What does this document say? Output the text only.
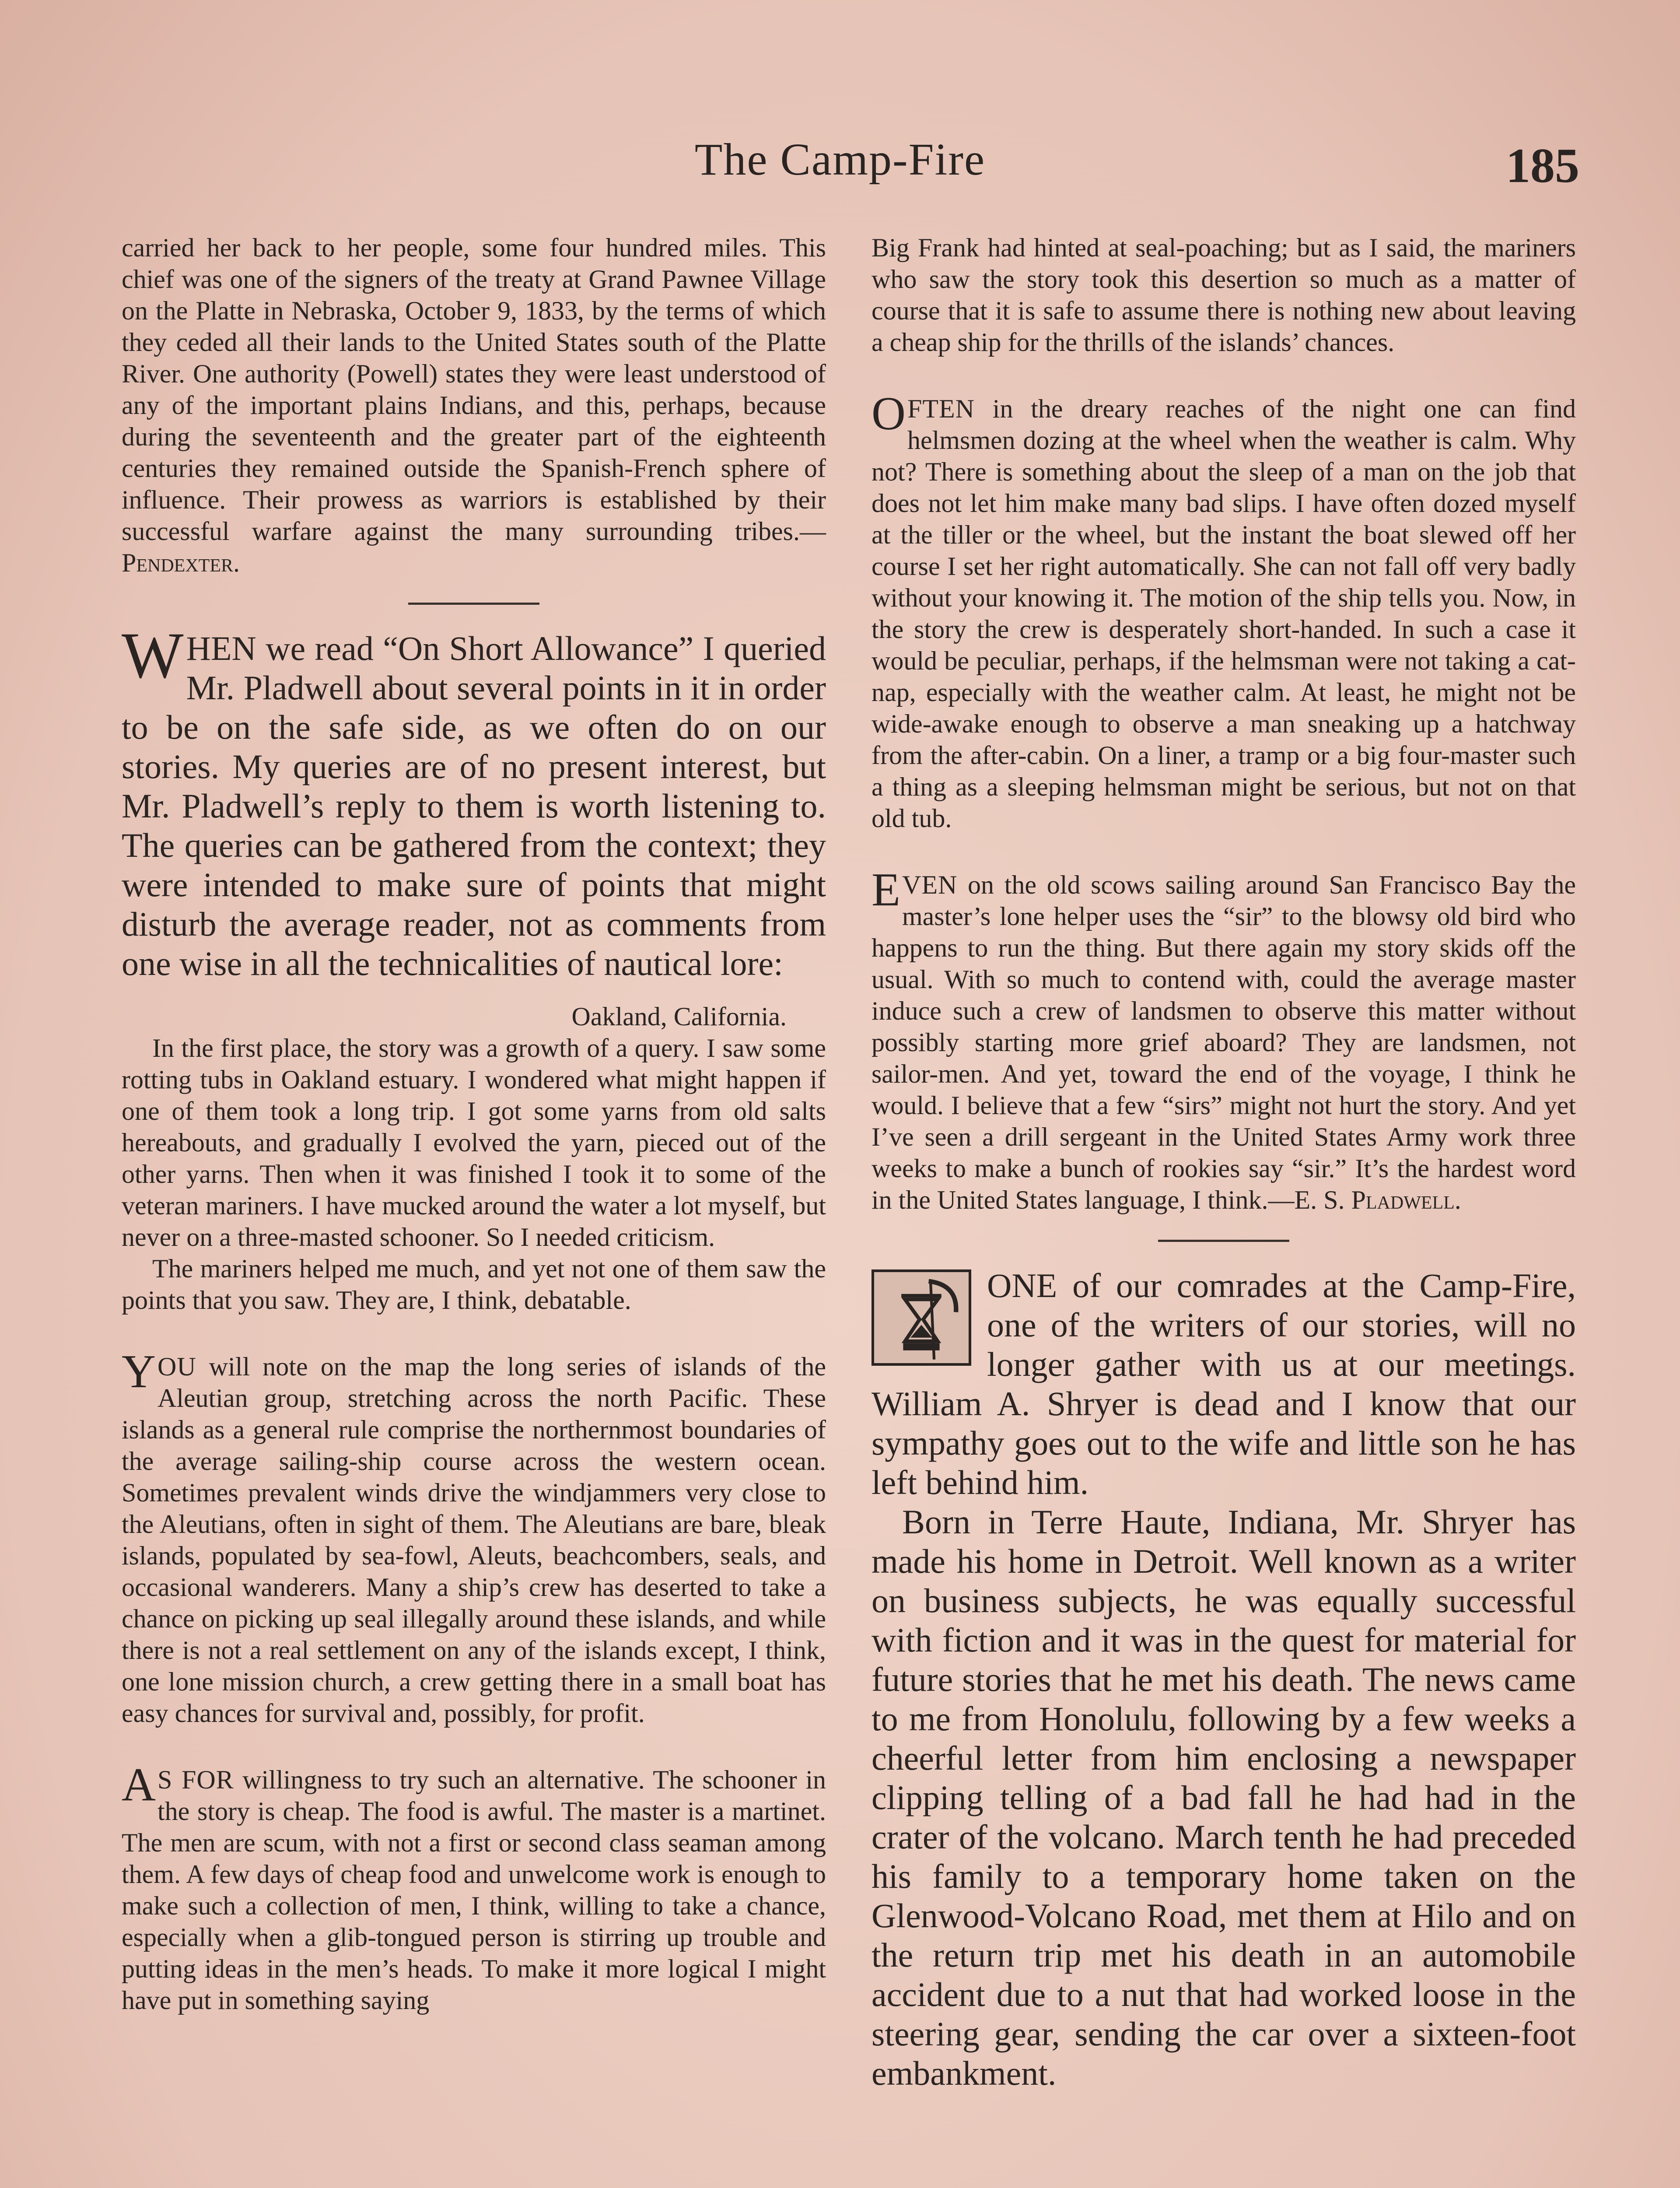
The Camp-Fire	185

carried her back to her people, some four hundred miles. This chief was one of the signers of the treaty at Grand Pawnee Village on the Platte in Nebraska, October 9, 1833, by the terms of which they ceded all their lands to the United States south of the Platte River. One authority (Powell) states they were least understood of any of the important plains Indians, and this, perhaps, because during the seventeenth and the greater part of the eighteenth centuries they remained outside the Spanish-French sphere of influence. Their prowess as warriors is established by their successful warfare against the many surrounding tribes.—Pendexter.

WHEN we read “On Short Allowance” I queried Mr. Pladwell about several points in it in order to be on the safe side, as we often do on our stories. My queries are of no present interest, but Mr. Pladwell’s reply to them is worth listening to. The queries can be gathered from the context; they were intended to make sure of points that might disturb the average reader, not as comments from one wise in all the technicalities of nautical lore:

Oakland, California.

In the first place, the story was a growth of a query. I saw some rotting tubs in Oakland estuary. I wondered what might happen if one of them took a long trip. I got some yarns from old salts hereabouts, and gradually I evolved the yarn, pieced out of the other yarns. Then when it was finished I took it to some of the veteran mariners. I have mucked around the water a lot myself, but never on a three-masted schooner. So I needed criticism.

The mariners helped me much, and yet not one of them saw the points that you saw. They are, I think, debatable.

YOU will note on the map the long series of islands of the Aleutian group, stretching across the north Pacific. These islands as a general rule comprise the northernmost boundaries of the average sailing-ship course across the western ocean. Sometimes prevalent winds drive the windjammers very close to the Aleutians, often in sight of them. The Aleutians are bare, bleak islands, populated by sea-fowl, Aleuts, beachcombers, seals, and occasional wanderers. Many a ship’s crew has deserted to take a chance on picking up seal illegally around these islands, and while there is not a real settlement on any of the islands except, I think, one lone mission church, a crew getting there in a small boat has easy chances for survival and, possibly, for profit.

A S FOR willingness to try such an alternative. The schooner in the story is cheap. The food is awful. The master is a martinet. The men are scum, with not a first or second class seaman among them. A few days of cheap food and unwelcome work is enough to make such a collection of men, I think, willing to take a chance, especially when a glib-tongued person is stirring up trouble and putting ideas in the men’s heads. To make it more logical I might have put in something saying

Big Frank had hinted at seal-poaching; but as I said, the mariners who saw the story took this desertion so much as a matter of course that it is safe to assume there is nothing new about leaving a cheap ship for the thrills of the islands’ chances.

OFTEN in the dreary reaches of the night one can find helmsmen dozing at the wheel when the weather is calm. Why not? There is something about the sleep of a man on the job that does not let him make many bad slips. I have often dozed myself at the tiller or the wheel, but the instant the boat slewed off her course I set her right automatically. She can not fall off very badly without your knowing it. The motion of the ship tells you. Now, in the story the crew is desperately short-handed. In such a case it would be peculiar, perhaps, if the helmsman were not taking a cat-nap, especially with the weather calm. At least, he might not be wide-awake enough to observe a man sneaking up a hatchway from the after-cabin. On a liner, a tramp or a big four-master such a thing as a sleeping helmsman might be serious, but not on that old tub.

EVEN on the old scows sailing around San Francisco Bay the master’s lone helper uses the “sir” to the blowsy old bird who happens to run the thing. But there again my story skids off the usual. With so much to contend with, could the average master induce such a crew of landsmen to observe this matter without possibly starting more grief aboard? They are landsmen, not sailor-men. And yet, toward the end of the voyage, I think he would. I believe that a few “sirs” might not hurt the story. And yet I’ve seen a drill sergeant in the United States Army work three weeks to make a bunch of rookies say “sir.” It’s the hardest word in the United States language, I think.—E. S. Pladwell.

ONE of our comrades at the Camp-Fire, one of the writers of our stories, will no longer gather with us at our meetings. William A. Shryer is dead and I know that our sympathy goes out to the wife and little son he has left behind him.

Born in Terre Haute, Indiana, Mr. Shryer has made his home in Detroit. Well known as a writer on business subjects, he was equally successful with fiction and it was in the quest for material for future stories that he met his death. The news came to me from Honolulu, following by a few weeks a cheerful letter from him enclosing a newspaper clipping telling of a bad fall he had had in the crater of the volcano. March tenth he had preceded his family to a temporary home taken on the Glenwood-Volcano Road, met them at Hilo and on the return trip met his death in an automobile accident due to a nut that had worked loose in the steering gear, sending the car over a sixteen-foot embankment.
